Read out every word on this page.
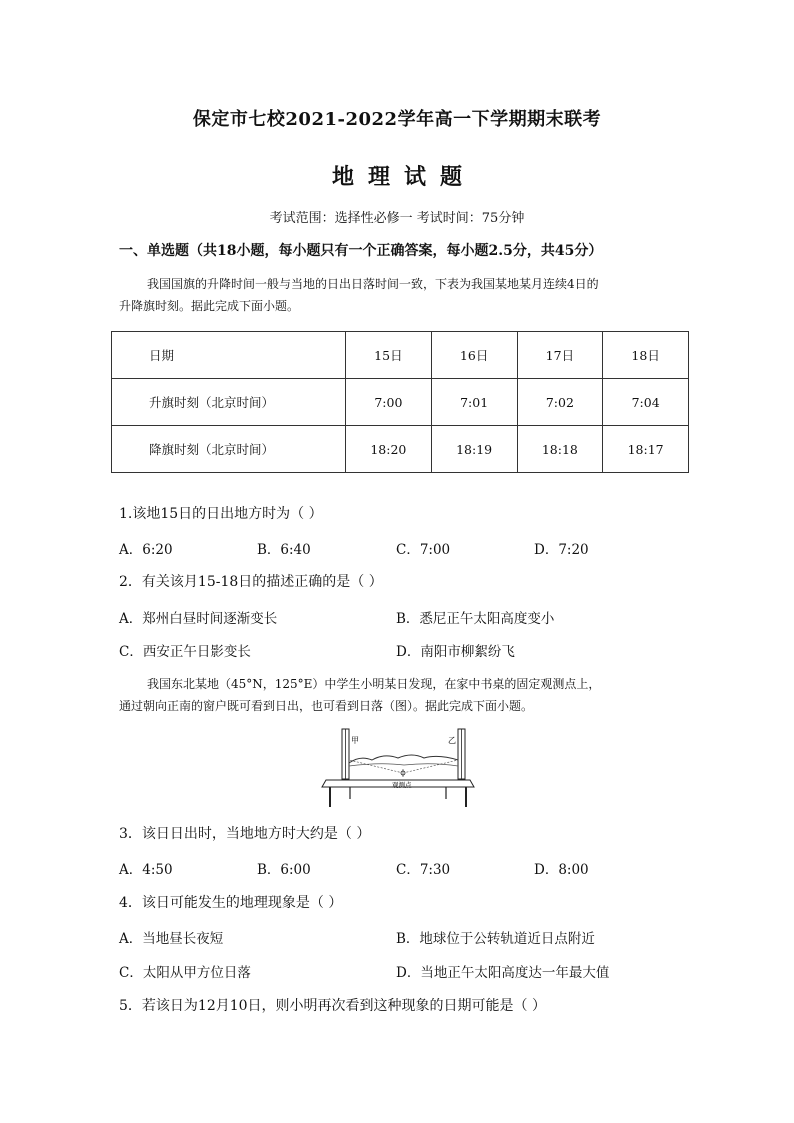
保定市七校2021-2022学年高一下学期期末联考
地理试题
考试范围：选择性必修一 考试时间：75分钟
一、单选题（共18小题，每小题只有一个正确答案，每小题2.5分，共45分）
我国国旗的升降时间一般与当地的日出日落时间一致，下表为我国某地某月连续4日的
升降旗时刻。据此完成下面小题。
日期	15日	16日	17日	18日
升旗时刻（北京时间）	7:00	7:01	7:02	7:04
降旗时刻（北京时间）	18:20	18:19	18:18	18:17
1.该地15日的日出地方时为（ ）
A．6:20	B．6:40	C．7:00	D．7:20
2．有关该月15-18日的描述正确的是（ ）
A．郑州白昼时间逐渐变长	B．悉尼正午太阳高度变小
C．西安正午日影变长	D．南阳市柳絮纷飞
我国东北某地（45°N，125°E）中学生小明某日发现，在家中书桌的固定观测点上，
通过朝向正南的窗户既可看到日出，也可看到日落（图）。据此完成下面小题。
甲	乙
观测点
3．该日日出时，当地地方时大约是（ ）
A．4:50	B．6:00	C．7:30	D．8:00
4．该日可能发生的地理现象是（ ）
A．当地昼长夜短	B．地球位于公转轨道近日点附近
C．太阳从甲方位日落	D．当地正午太阳高度达一年最大值
5．若该日为12月10日，则小明再次看到这种现象的日期可能是（ ）
